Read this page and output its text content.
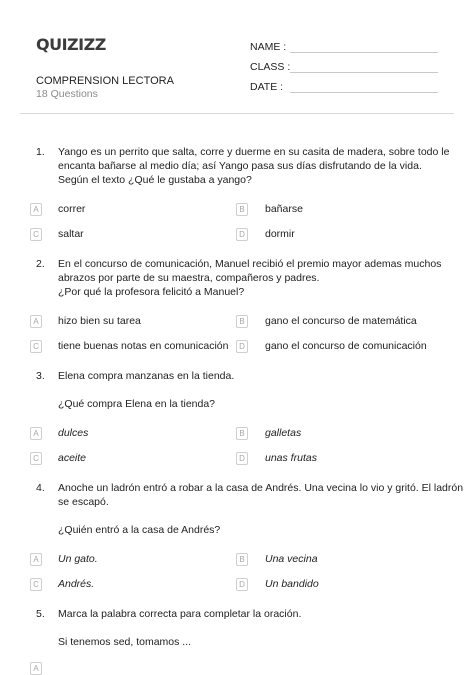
QUIZIZZ
COMPRENSION LECTORA
18 Questions
NAME :
CLASS :
DATE :
1. Yango es un perrito que salta, corre y duerme en su casita de madera, sobre todo le
encanta bañarse al medio día; así Yango pasa sus días disfrutando de la vida.
Según el texto ¿Qué le gustaba a yango?
A	correr	B	bañarse
C saltar	D dormir
2. En el concurso de comunicación, Manuel recibió el premio mayor ademas muchos
abrazos por parte de su maestra, compañeros y padres.
¿Por qué la profesora felicitó a Manuel?
A	hizo bien su tarea	B	gano el concurso de matemática
C tiene buenas notas en comunicación	D gano el concurso de comunicación
3. Elena compra manzanas en la tienda.
¿Qué compra Elena en la tienda?
A	dulces	B	galletas
C aceite	D unas frutas
4. Anoche un ladrón entró a robar a la casa de Andrés. Una vecina lo vio y gritó. El ladrón
se escapó.
¿Quién entró a la casa de Andrés?
A	Un gato.	B	Una vecina
C Andrés.	D Un bandido
5. Marca la palabra correcta para completar la oración.
Si tenemos sed, tomamos ...
A
